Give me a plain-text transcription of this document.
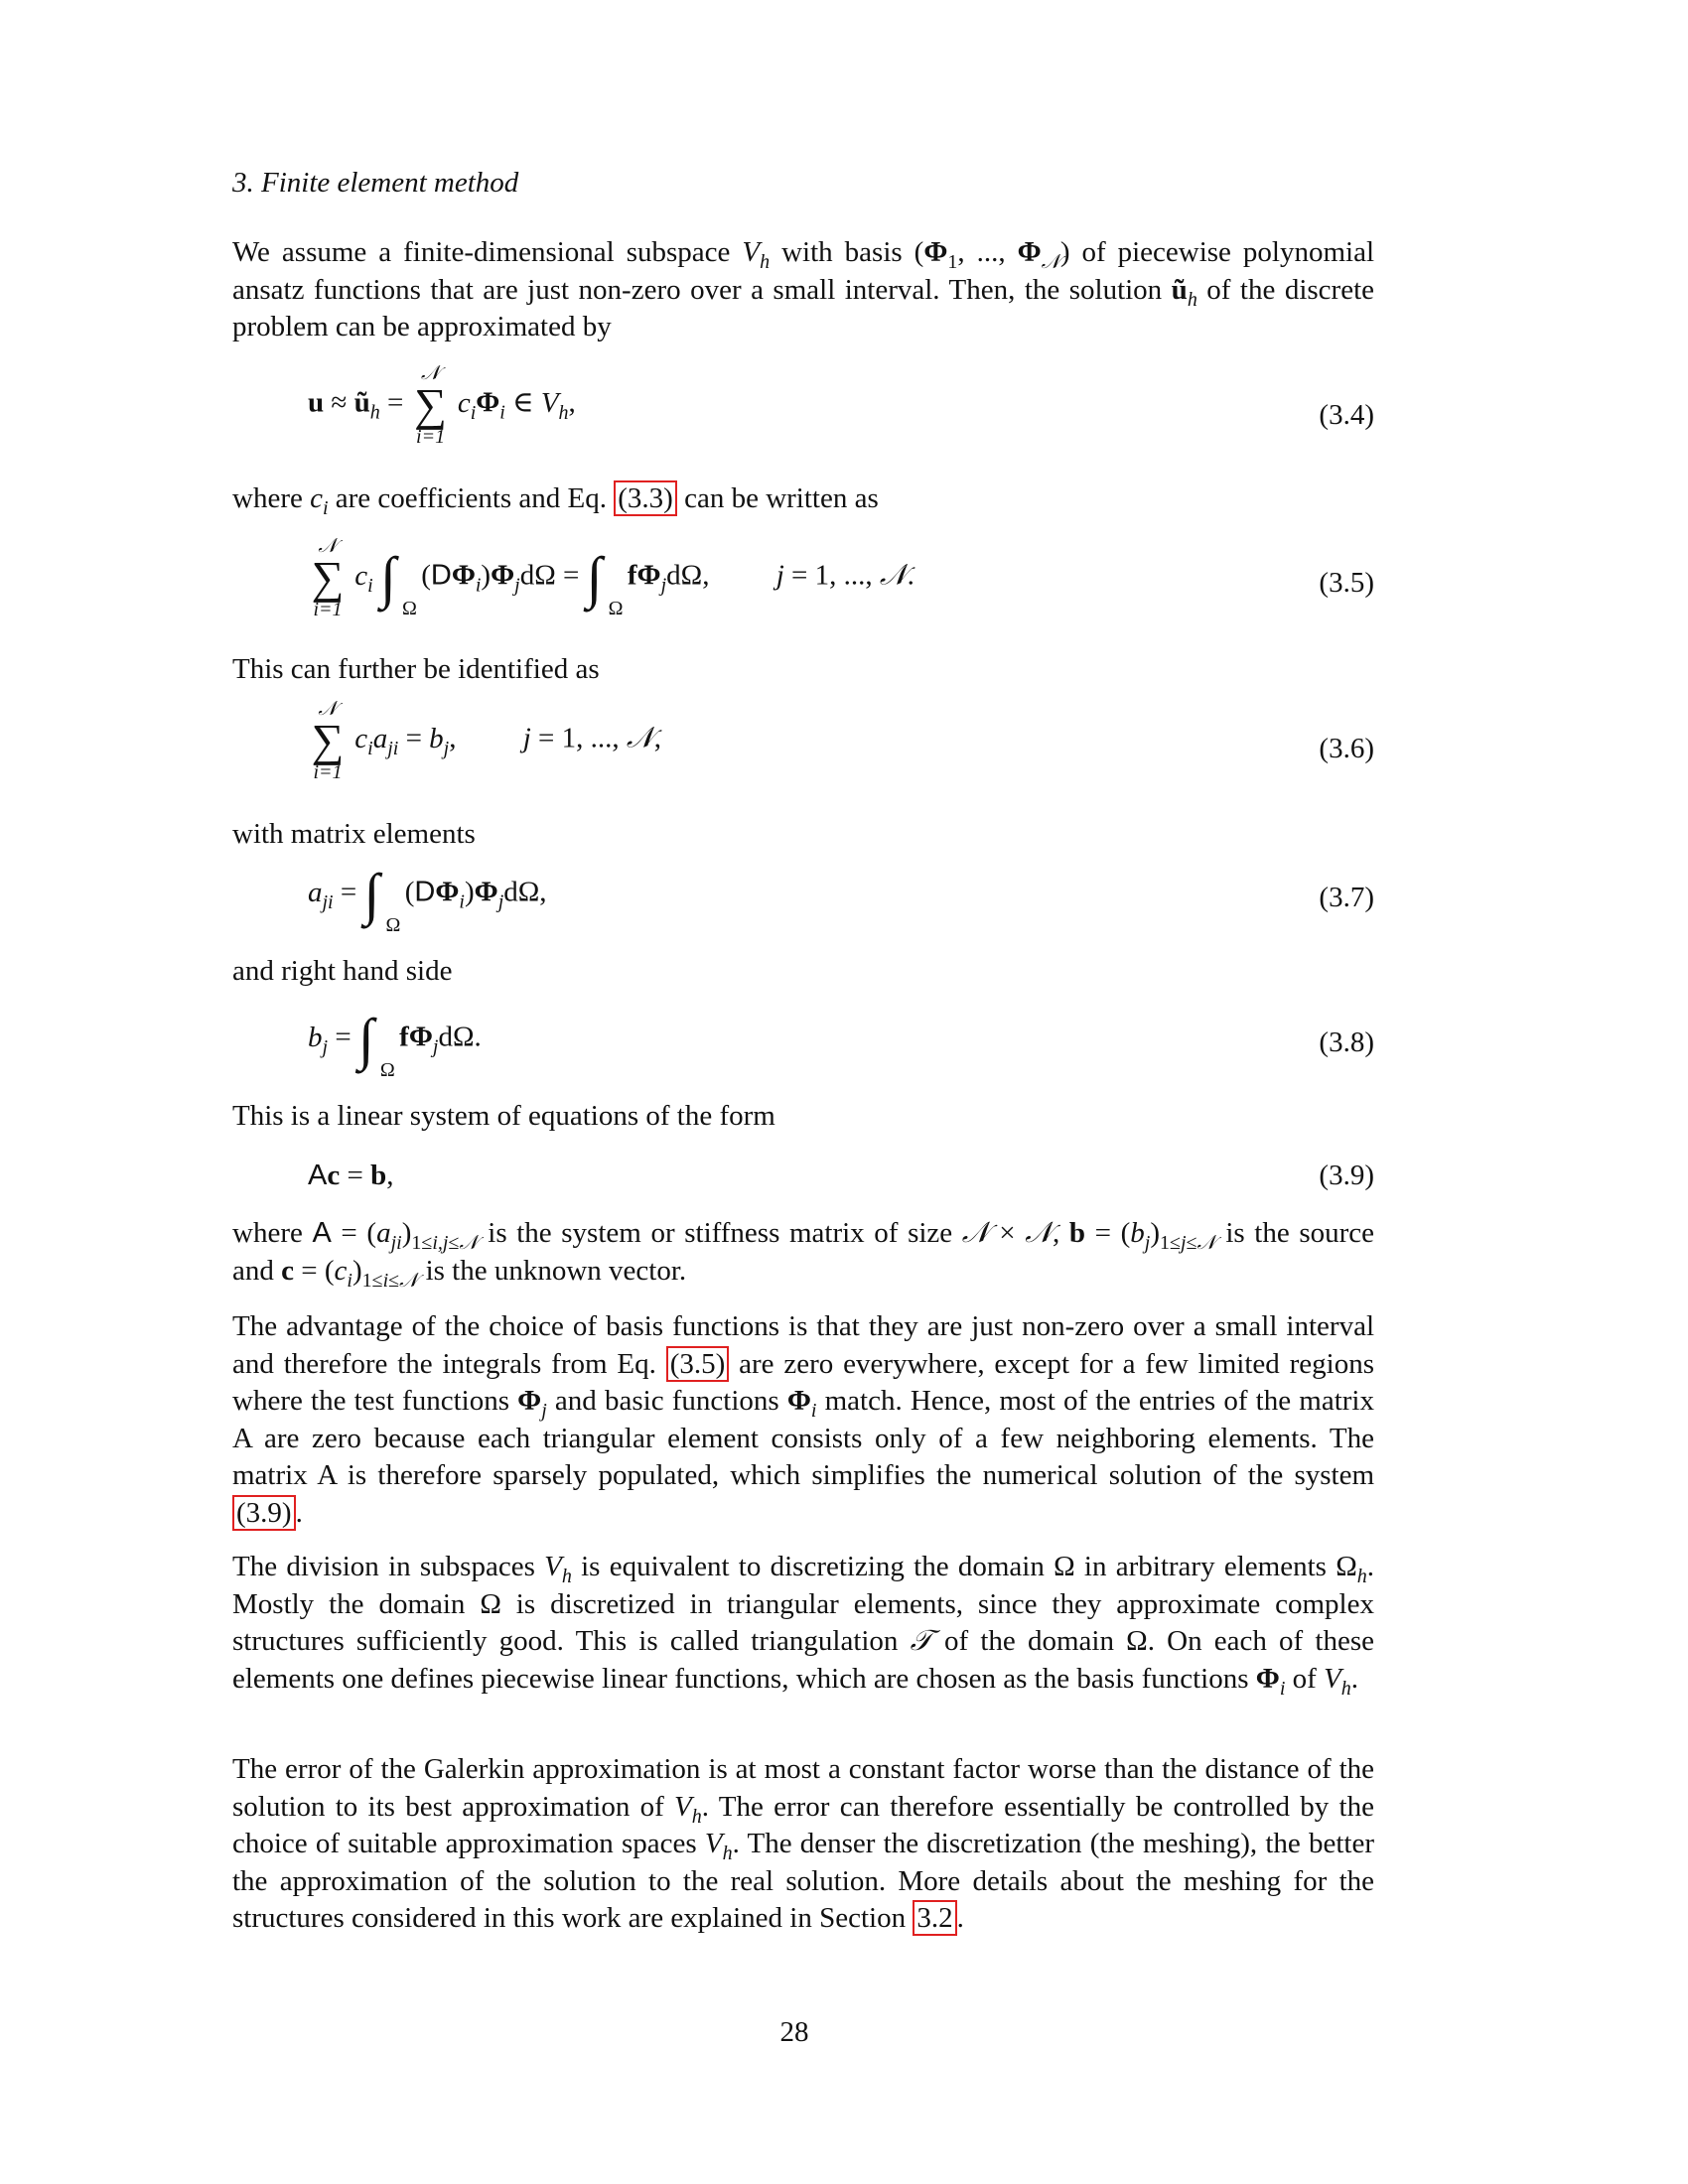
3. Finite element method

We assume a finite-dimensional subspace $V_h$ with basis ($\Phi_1$, ..., $\Phi_𝒩$) of piecewise polynomial ansatz functions that are just non-zero over a small interval. Then, the solution $ũ_h$ of the discrete problem can be approximated by

$u \approx ũ_h$ =
𝒩
∑
i=1
$c_i\Phi_i$ ∈ $V_h$,	(3.4)

where $c_i$ are coefficients and Eq. (3.3) can be written as

𝒩
∑
i=1
$c_i$ ∫ Ω
$(D\Phi_i)\Phi_jd\Omega$ = ∫ Ω
$f\Phi_jd\Omega$, j = 1, ..., 𝒩.	(3.5)

This can further be identified as

𝒩
∑
i=1
$c_ia_{ji} = b_j$, j = 1, ..., 𝒩,	(3.6)

with matrix elements

$a_{ji}$ = ∫ Ω
$(D\Phi_i)\Phi_jd\Omega$,	(3.7)

and right hand side

$b_j$ = ∫ Ω
$f\Phi_jd\Omega$.	(3.8)

This is a linear system of equations of the form

Ac = b,	(3.9)

where $A = (a_{ji})_{1\le i,j\le 𝒩}$ is the system or stiffness matrix of size 𝒩 × 𝒩, $b = (b_j)_{1\le j\le 𝒩}$ is the source and $c = (c_i)_{1\le i\le 𝒩}$ is the unknown vector.

The advantage of the choice of basis functions is that they are just non-zero over a small interval and therefore the integrals from Eq. (3.5) are zero everywhere, except for a few limited regions where the test functions $\Phi_j$ and basic functions $\Phi_i$ match. Hence, most of the entries of the matrix A are zero because each triangular element consists only of a few neighboring elements. The matrix A is therefore sparsely populated, which simplifies the numerical solution of the system (3.9) .

The division in subspaces $V_h$ is equivalent to discretizing the domain Ω in arbitrary elements $\Omega_h$. Mostly the domain Ω is discretized in triangular elements, since they approximate complex structures sufficiently good. This is called triangulation 𝒯 of the domain Ω. On each of these elements one defines piecewise linear functions, which are chosen as the basis functions $\Phi_i$ of $V_h$.

The error of the Galerkin approximation is at most a constant factor worse than the distance of the solution to its best approximation of $V_h$. The error can therefore essentially be controlled by the choice of suitable approximation spaces $V_h$. The denser the discretization (the meshing), the better the approximation of the solution to the real solution. More details about the meshing for the structures considered in this work are explained in Section 3.2 .

28
